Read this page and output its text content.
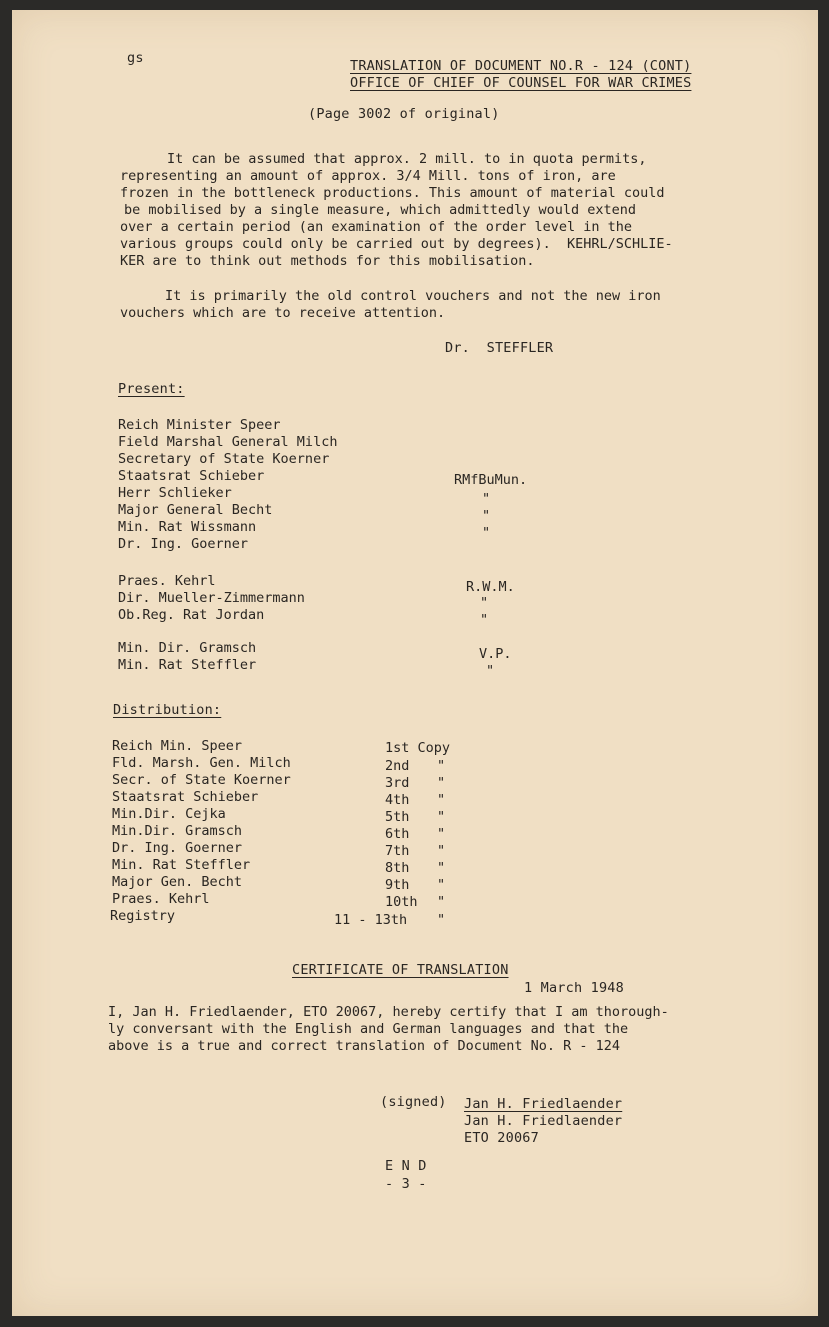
gs	TRANSLATION OF DOCUMENT NO.R - 124 (CONT)
OFFICE OF CHIEF OF COUNSEL FOR WAR CRIMES
(Page 3002 of original)
It can be assumed that approx. 2 mill. to in quota permits,
representing an amount of approx. 3/4 Mill. tons of iron, are
frozen in the bottleneck productions. This amount of material could
be mobilised by a single measure, which admittedly would extend
over a certain period (an examination of the order level in the
various groups could only be carried out by degrees).  KEHRL/SCHLIE-
KER are to think out methods for this mobilisation.
It is primarily the old control vouchers and not the new iron
vouchers which are to receive attention.
Dr.  STEFFLER
Present:
Reich Minister Speer
Field Marshal General Milch
Secretary of State Koerner
Staatsrat Schieber	RMfBuMun.
Herr Schlieker	"
Major General Becht	"
Min. Rat Wissmann	"
Dr. Ing. Goerner
Praes. Kehrl	R.W.M.
Dir. Mueller-Zimmermann	"
Ob.Reg. Rat Jordan	"
Min. Dir. Gramsch	V.P.
Min. Rat Steffler	"
Distribution:
Reich Min. Speer	1st Copy
Fld. Marsh. Gen. Milch	2nd "
Secr. of State Koerner	3rd "
Staatsrat Schieber	4th "
Min.Dir. Cejka	5th "
Min.Dir. Gramsch	6th "
Dr. Ing. Goerner	7th "
Min. Rat Steffler	8th "
Major Gen. Becht	9th "
Praes. Kehrl	10th "
Registry	11 - 13th "
CERTIFICATE OF TRANSLATION
1 March 1948
I, Jan H. Friedlaender, ETO 20067, hereby certify that I am thorough-
ly conversant with the English and German languages and that the
above is a true and correct translation of Document No. R - 124
(signed) Jan H. Friedlaender
Jan H. Friedlaender
ETO 20067
E N D
- 3 -
